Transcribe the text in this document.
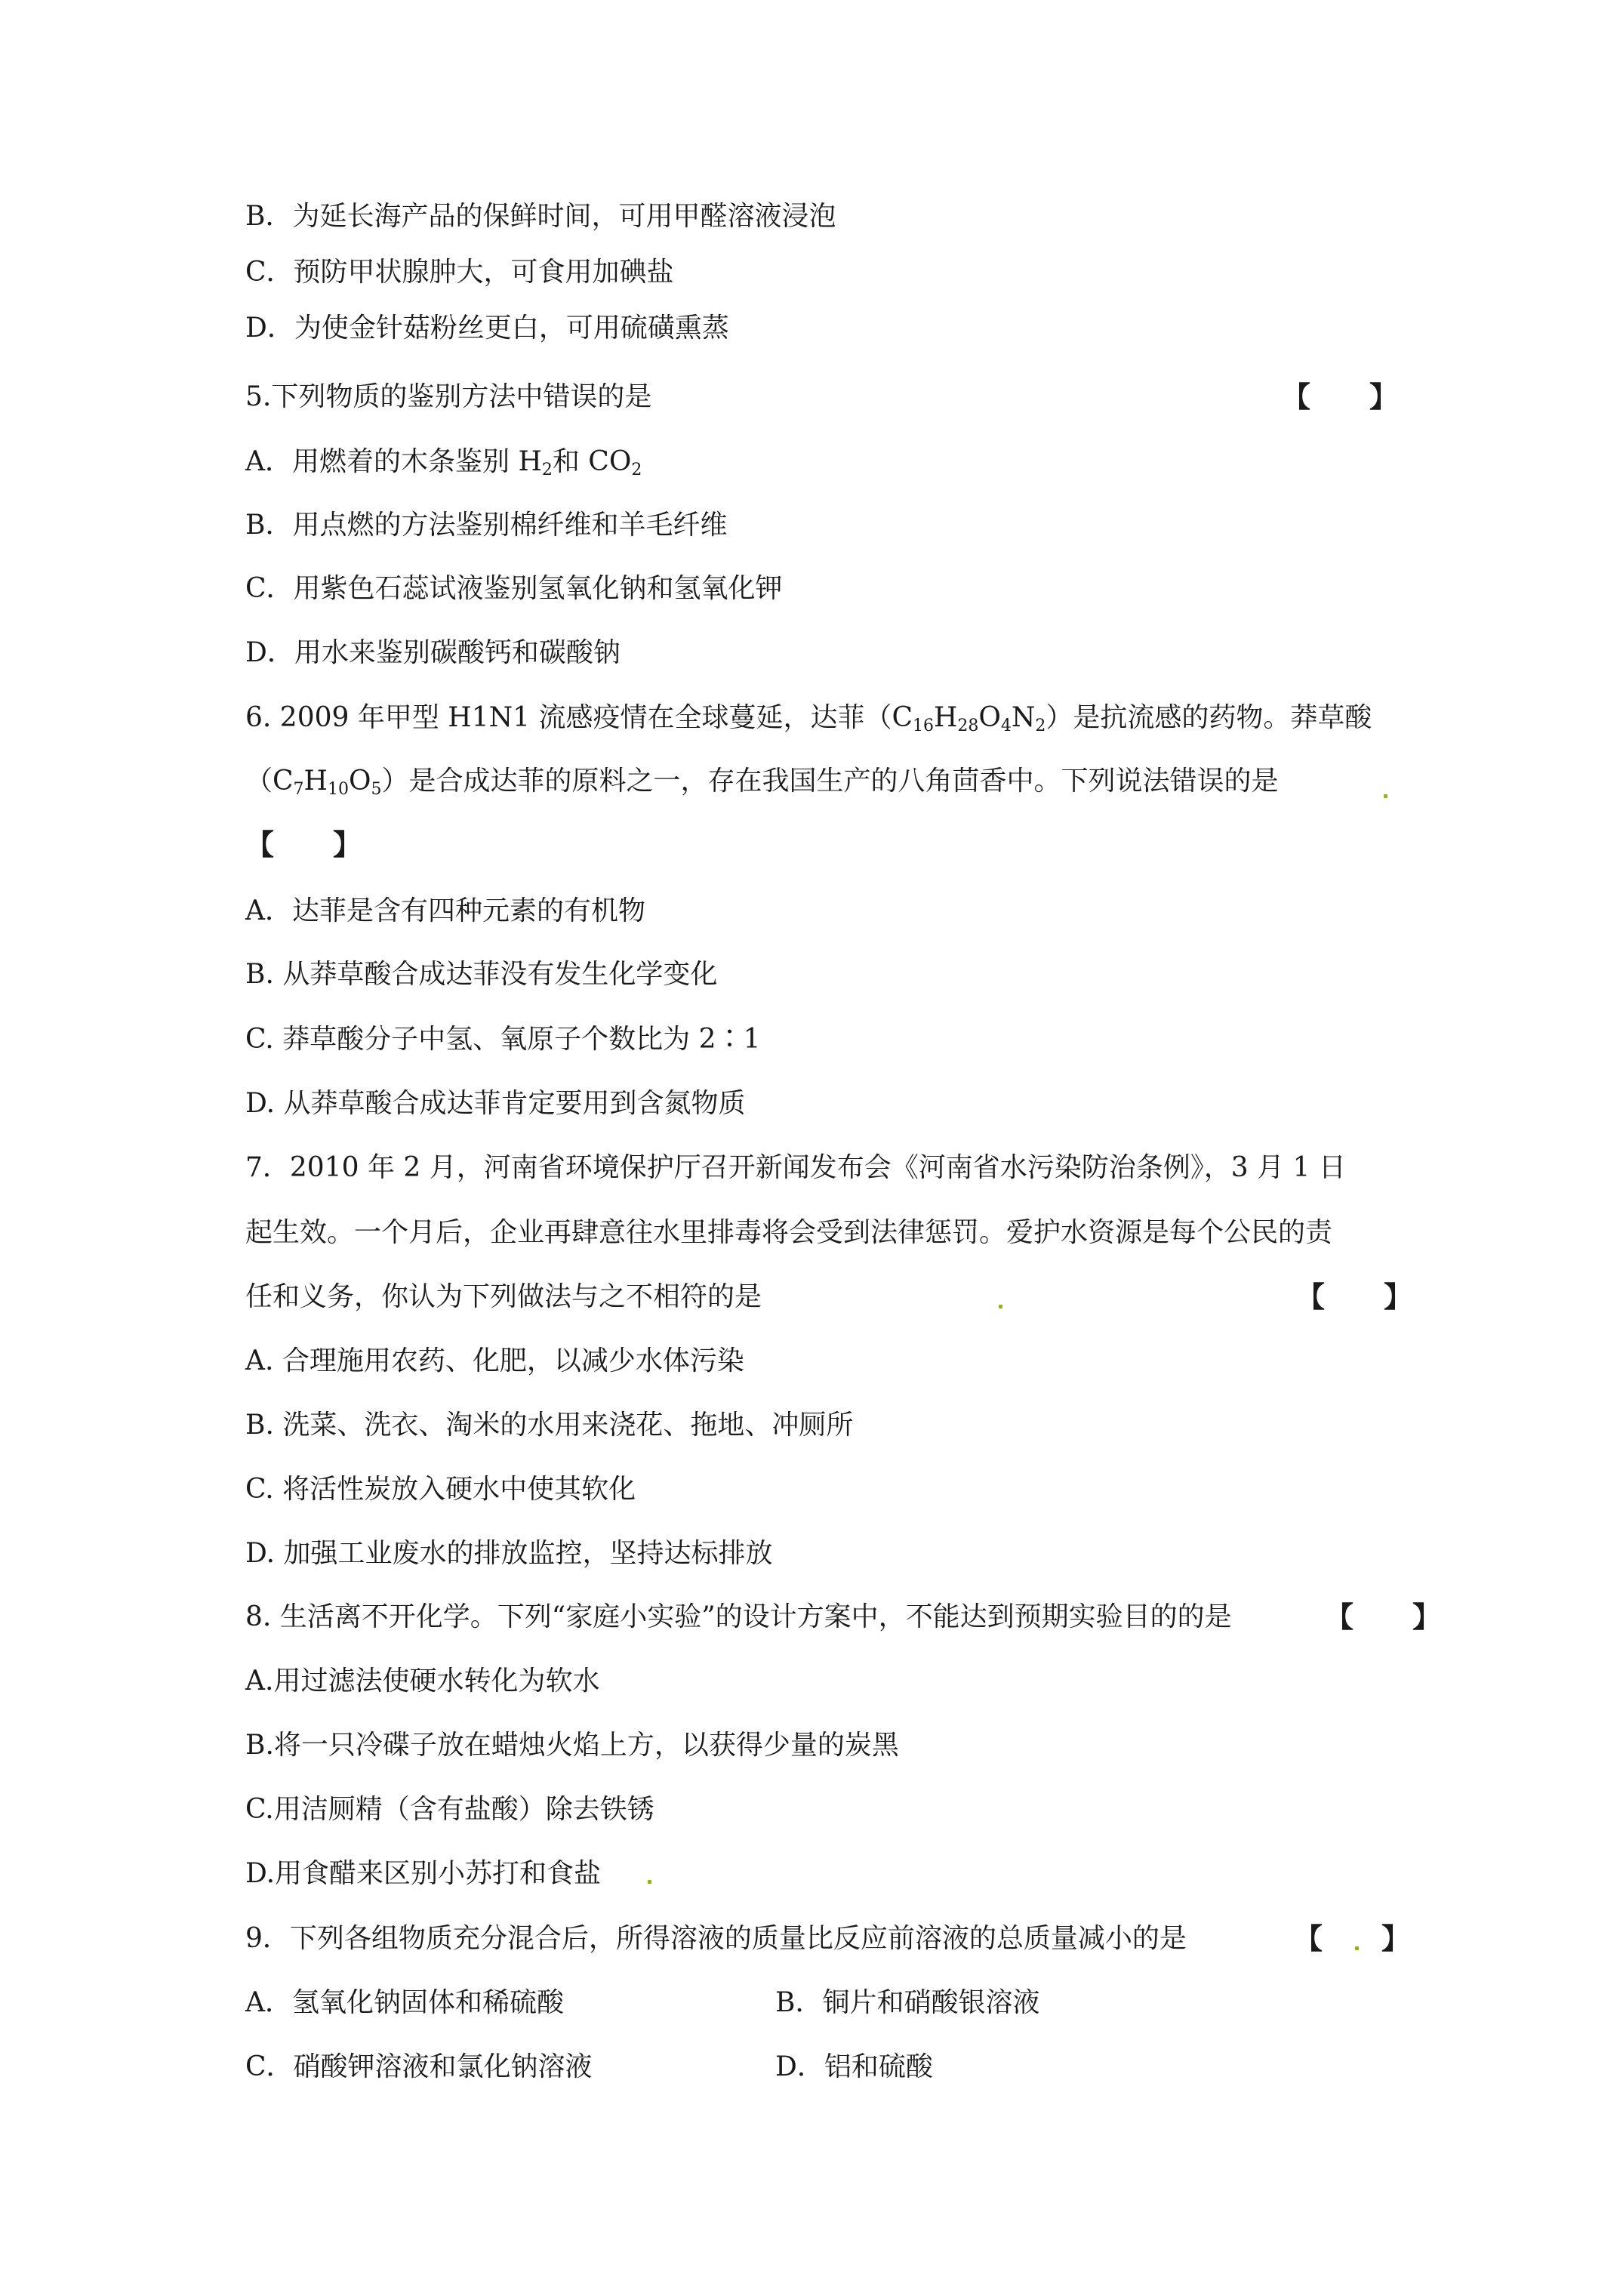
B．为延长海产品的保鲜时间，可用甲醛溶液浸泡
C．预防甲状腺肿大，可食用加碘盐
D．为使金针菇粉丝更白，可用硫磺熏蒸
5.下列物质的鉴别方法中错误的是	【 】
A．用燃着的木条鉴别 $H_2$和 $CO_2$
B．用点燃的方法鉴别棉纤维和羊毛纤维
C．用紫色石蕊试液鉴别氢氧化钠和氢氧化钾
D．用水来鉴别碳酸钙和碳酸钠
6. 2009 年甲型 H1N1 流感疫情在全球蔓延，达菲$(C_{16}H_{28}O_4N_2)$是抗流感的药物。莽草酸
$(C_7H_{10}O_5)$是合成达菲的原料之一，存在我国生产的八角茴香中。下列说法错误的是
【 】
A．达菲是含有四种元素的有机物
B. 从莽草酸合成达菲没有发生化学变化
C. 莽草酸分子中氢、氧原子个数比为 2∶1
D. 从莽草酸合成达菲肯定要用到含氮物质
7．2010 年 2 月，河南省环境保护厅召开新闻发布会《河南省水污染防治条例》，3 月 1 日
起生效。一个月后，企业再肆意往水里排毒将会受到法律惩罚。爱护水资源是每个公民的责
任和义务，你认为下列做法与之不相符的是	【 】
A. 合理施用农药、化肥，以减少水体污染
B. 洗菜、洗衣、淘米的水用来浇花、拖地、冲厕所
C. 将活性炭放入硬水中使其软化
D. 加强工业废水的排放监控，坚持达标排放
8. 生活离不开化学。下列“家庭小实验”的设计方案中，不能达到预期实验目的的是	【 】
A.用过滤法使硬水转化为软水
B.将一只冷碟子放在蜡烛火焰上方，以获得少量的炭黑
C.用洁厕精（含有盐酸）除去铁锈
D.用食醋来区别小苏打和食盐
9．下列各组物质充分混合后，所得溶液的质量比反应前溶液的总质量减小的是	【 】
A．氢氧化钠固体和稀硫酸	B．铜片和硝酸银溶液
C．硝酸钾溶液和氯化钠溶液	D．铝和硫酸
